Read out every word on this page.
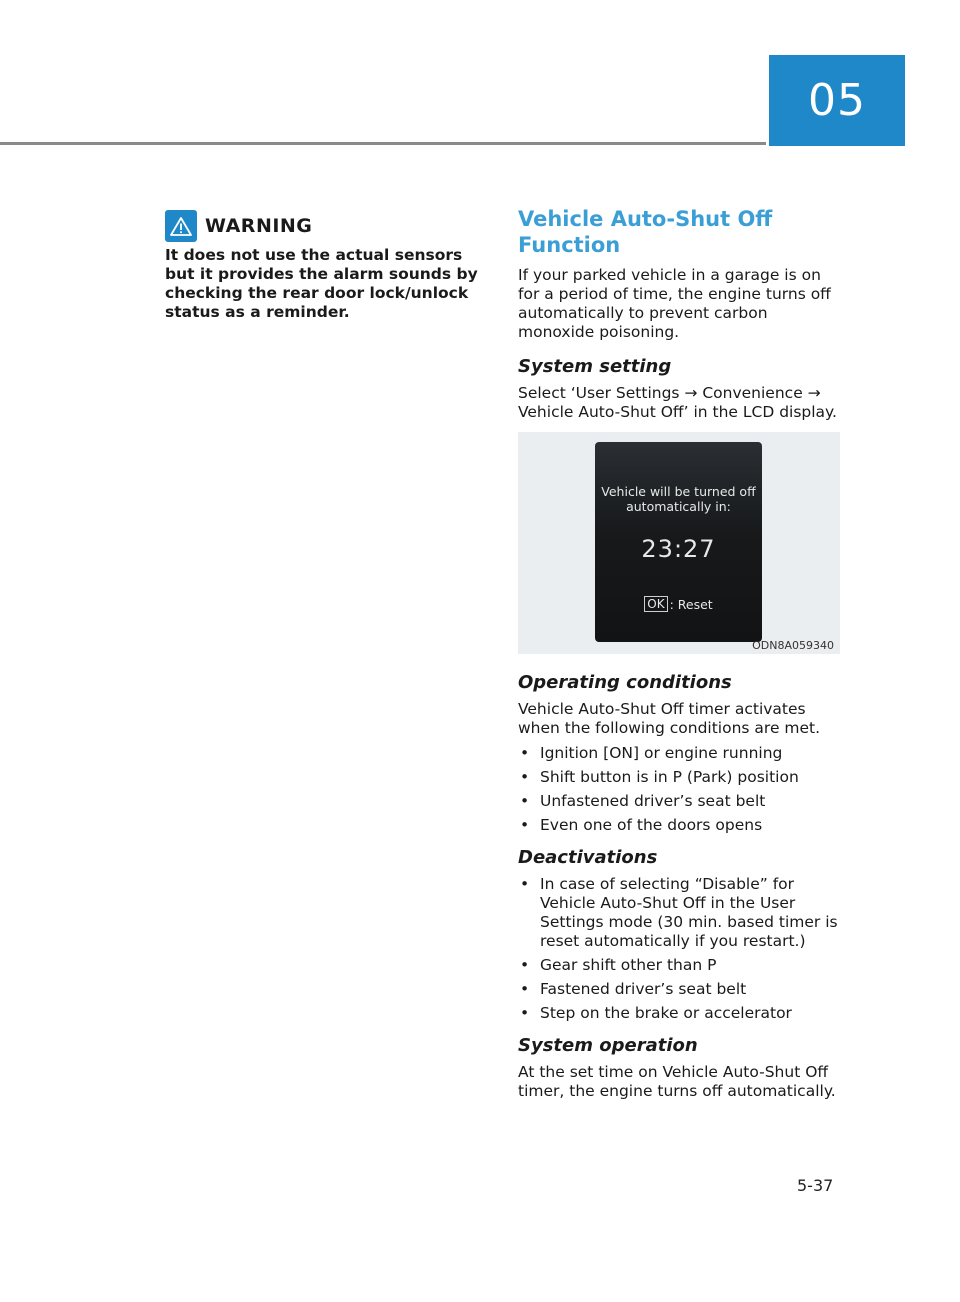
05
WARNING
It does not use the actual sensors but it provides the alarm sounds by checking the rear door lock/unlock status as a reminder.
Vehicle Auto-Shut Off Function

If your parked vehicle in a garage is on for a period of time, the engine turns off automatically to prevent carbon monoxide poisoning.

System setting

Select ‘User Settings → Convenience → Vehicle Auto-Shut Off’ in the LCD display.

Vehicle will be turned off automatically in:
23:27
OK : Reset
ODN8A059340
Operating conditions

Vehicle Auto-Shut Off timer activates when the following conditions are met.

• Ignition [ON] or engine running
• Shift button is in P (Park) position
• Unfastened driver’s seat belt
• Even one of the doors opens
Deactivations
• In case of selecting “Disable” for Vehicle Auto-Shut Off in the User Settings mode (30 min. based timer is reset automatically if you restart.)
• Gear shift other than P
• Fastened driver’s seat belt
• Step on the brake or accelerator
System operation

At the set time on Vehicle Auto-Shut Off timer, the engine turns off automatically.

5-37
